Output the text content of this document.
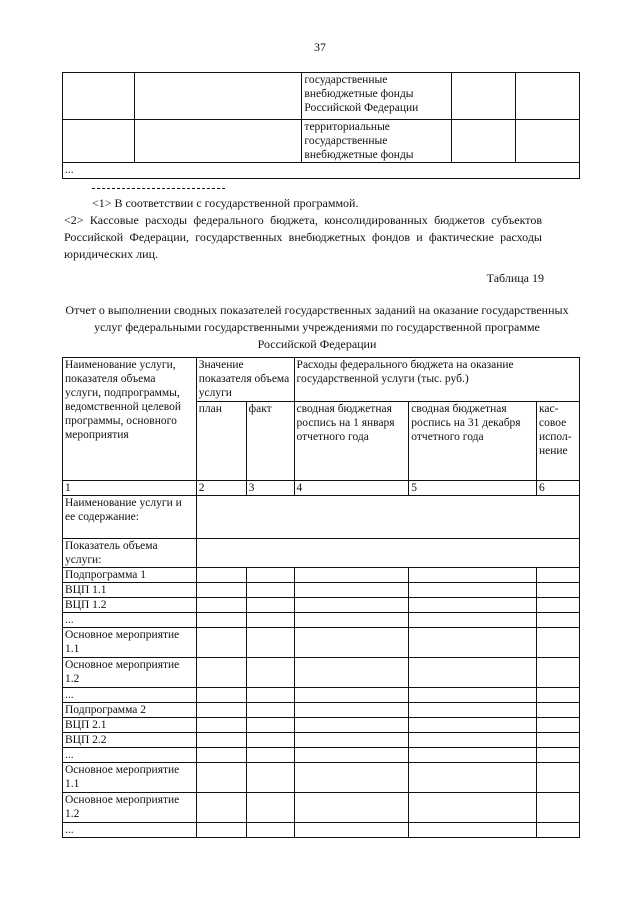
37
		государственные внебюджетные фонды Российской Федерации		
		территориальные государственные внебюджетные фонды		
...				
<1> В соответствии с государственной программой.
<2> Кассовые расходы федерального бюджета, консолидированных бюджетов субъектов Российской Федерации, государственных внебюджетных фондов и фактические расходы юридических лиц.
Таблица 19
Отчет о выполнении сводных показателей государственных заданий на оказание государственных услуг федеральными государственными учреждениями по государственной программе Российской Федерации
Наименование услуги, показателя объема услуги, подпрограммы, ведомственной целевой программы, основного мероприятия	Значение показателя объема услуги		Расходы федерального бюджета на оказание государственной услуги (тыс. руб.)		
	план	факт	сводная бюджетная роспись на 1 января отчетного года	сводная бюджетная роспись на 31 декабря отчетного года	кас-совое испол-нение
1	2	3	4	5	6
Наименование услуги и ее содержание:					
Показатель объема услуги:					
Подпрограмма 1					
ВЦП 1.1					
ВЦП 1.2					
...					
Основное мероприятие 1.1					
Основное мероприятие 1.2					
...					
Подпрограмма 2					
ВЦП 2.1					
ВЦП 2.2					
...					
Основное мероприятие 1.1					
Основное мероприятие 1.2					
...					
